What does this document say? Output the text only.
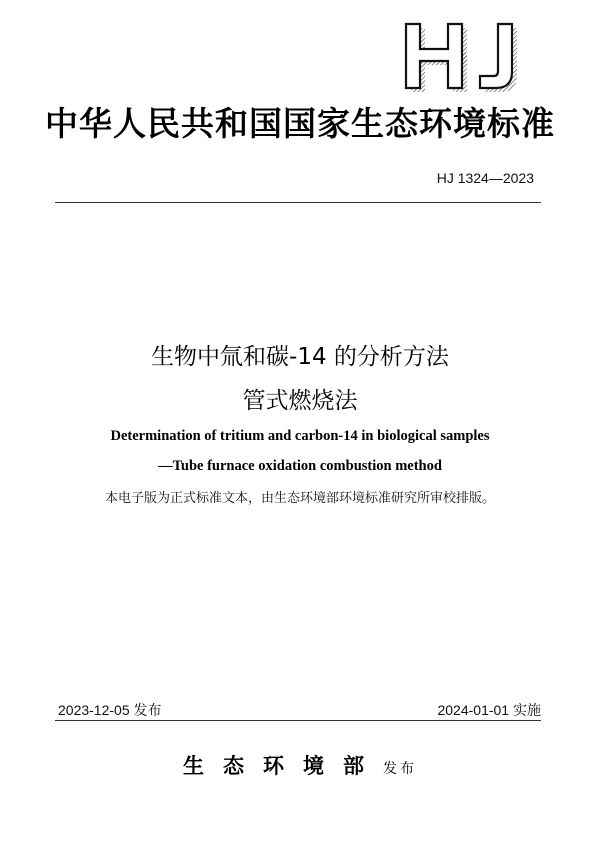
中华人民共和国国家生态环境标准
HJ 1324—2023
生物中氚和碳-14 的分析方法
管式燃烧法
Determination of tritium and carbon-14 in biological samples
—Tube furnace oxidation combustion method
本电子版为正式标准文本，由生态环境部环境标准研究所审校排版。
2023-12-05 发布	2024-01-01 实施
生态环境部发布
